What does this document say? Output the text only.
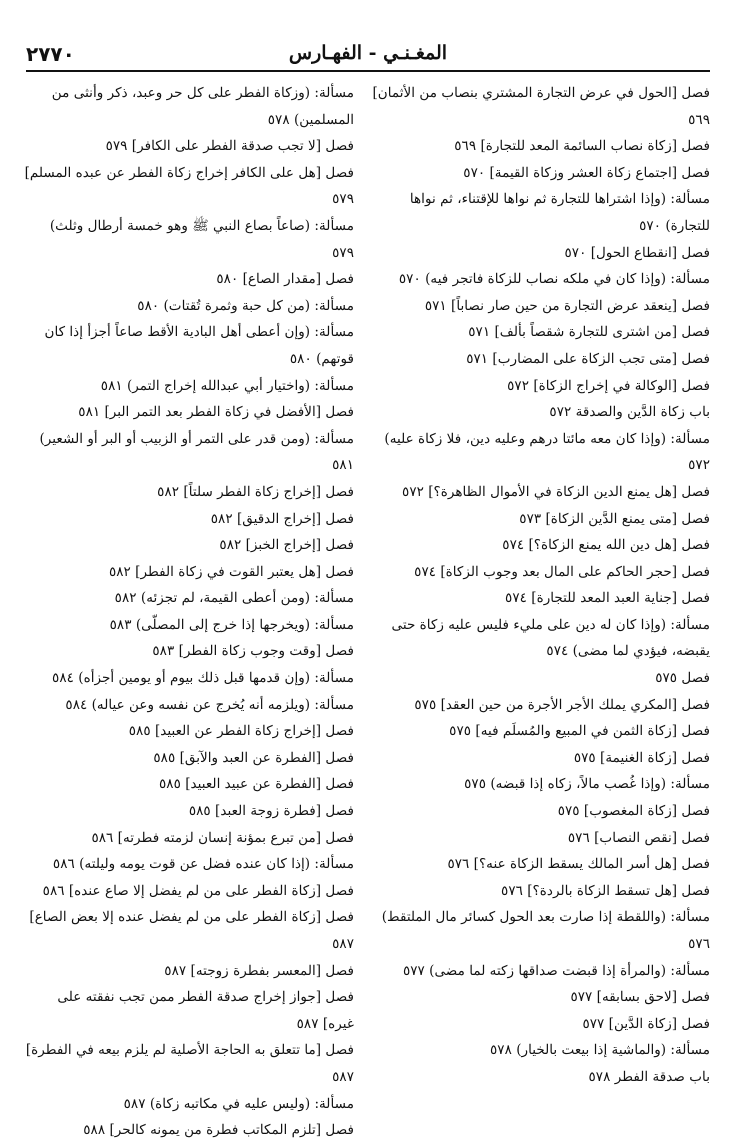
٢٧٧٠	المغـنـي - الفهـارس
فصل [الحول في عرض التجارة المشتري بنصاب من الأثمان] ٥٦٩
فصل [زكاة نصاب السائمة المعد للتجارة] ٥٦٩
فصل [اجتماع زكاة العشر وزكاة القيمة] ٥٧٠
مسألة: (وإذا اشتراها للتجارة ثم نواها للإقتناء، ثم نواها للتجارة) ٥٧٠
فصل [انقطاع الحول] ٥٧٠
مسألة: (وإذا كان في ملكه نصاب للزكاة فاتجر فيه) ٥٧٠
فصل [ينعقد عرض التجارة من حين صار نصاباً] ٥٧١
فصل [من اشترى للتجارة شقصاً بألف] ٥٧١
فصل [متى تجب الزكاة على المضارب] ٥٧١
فصل [الوكالة في إخراج الزكاة] ٥٧٢
باب زكاة الدَّين والصدقة ٥٧٢
مسألة: (وإذا كان معه مائتا درهم وعليه دين، فلا زكاة عليه) ٥٧٢
فصل [هل يمنع الدين الزكاة في الأموال الظاهرة؟] ٥٧٢
فصل [متى يمنع الدَّين الزكاة] ٥٧٣
فصل [هل دين الله يمنع الزكاة؟] ٥٧٤
فصل [حجر الحاكم على المال بعد وجوب الزكاة] ٥٧٤
فصل [جناية العبد المعد للتجارة] ٥٧٤
مسألة: (وإذا كان له دين على مليء فليس عليه زكاة حتى يقبضه، فيؤدي لما مضى) ٥٧٤
فصل ٥٧٥
فصل [المكري يملك الأجر الأجرة من حين العقد] ٥٧٥
فصل [زكاة الثمن في المبيع والمُسلَم فيه] ٥٧٥
فصل [زكاة الغنيمة] ٥٧٥
مسألة: (وإذا غُصب مالاً، زكاه إذا قبضه) ٥٧٥
فصل [زكاة المغصوب] ٥٧٥
فصل [نقص النصاب] ٥٧٦
فصل [هل أسر المالك يسقط الزكاة عنه؟] ٥٧٦
فصل [هل تسقط الزكاة بالردة؟] ٥٧٦
مسألة: (واللقطة إذا صارت بعد الحول كسائر مال الملتقط) ٥٧٦
مسألة: (والمرأة إذا قبضت صداقها زكته لما مضى) ٥٧٧
فصل [لاحق بسابقه] ٥٧٧
فصل [زكاة الدَّين] ٥٧٧
مسألة: (والماشية إذا بيعت بالخيار) ٥٧٨
باب صدقة الفطر ٥٧٨
مسألة: (وزكاة الفطر على كل حر وعبد، ذكر وأنثى من المسلمين) ٥٧٨
فصل [لا تجب صدقة الفطر على الكافر] ٥٧٩
فصل [هل على الكافر إخراج زكاة الفطر عن عبده المسلم] ٥٧٩
مسألة: (صاعاً بصاع النبي ﷺ وهو خمسة أرطال وثلث) ٥٧٩
فصل [مقدار الصاع] ٥٨٠
مسألة: (من كل حبة وثمرة تُقتات) ٥٨٠
مسألة: (وإن أعطى أهل البادية الأقط صاعاً أجزأ إذا كان قوتهم) ٥٨٠
مسألة: (واختيار أبي عبدالله إخراج التمر) ٥٨١
فصل [الأفضل في زكاة الفطر بعد التمر البر] ٥٨١
مسألة: (ومن قدر على التمر أو الزبيب أو البر أو الشعير) ٥٨١
فصل [إخراج زكاة الفطر سلتاً] ٥٨٢
فصل [إخراج الدقيق] ٥٨٢
فصل [إخراج الخبز] ٥٨٢
فصل [هل يعتبر القوت في زكاة الفطر] ٥٨٢
مسألة: (ومن أعطى القيمة، لم تجزئه) ٥٨٢
مسألة: (ويخرجها إذا خرج إلى المصلّى) ٥٨٣
فصل [وقت وجوب زكاة الفطر] ٥٨٣
مسألة: (وإن قدمها قبل ذلك بيوم أو يومين أجزأه) ٥٨٤
مسألة: (ويلزمه أنه يُخرج عن نفسه وعن عياله) ٥٨٤
فصل [إخراج زكاة الفطر عن العبيد] ٥٨٥
فصل [الفطرة عن العبد والآبق] ٥٨٥
فصل [الفطرة عن عبيد العبيد] ٥٨٥
فصل [فطرة زوجة العبد] ٥٨٥
فصل [من تبرع بمؤنة إنسان لزمته فطرته] ٥٨٦
مسألة: (إذا كان عنده فضل عن قوت يومه وليلته) ٥٨٦
فصل [زكاة الفطر على من لم يفضل إلا صاع عنده] ٥٨٦
فصل [زكاة الفطر على من لم يفضل عنده إلا بعض الصاع] ٥٨٧
فصل [المعسر بفطرة زوجته] ٥٨٧
فصل [جواز إخراج صدقة الفطر ممن تجب نفقته على غيره] ٥٨٧
فصل [ما تتعلق به الحاجة الأصلية لم يلزم بيعه في الفطرة] ٥٨٧
مسألة: (وليس عليه في مكاتبه زكاة) ٥٨٧
فصل [تلزم المكاتب فطرة من يمونه كالحر] ٥٨٨
